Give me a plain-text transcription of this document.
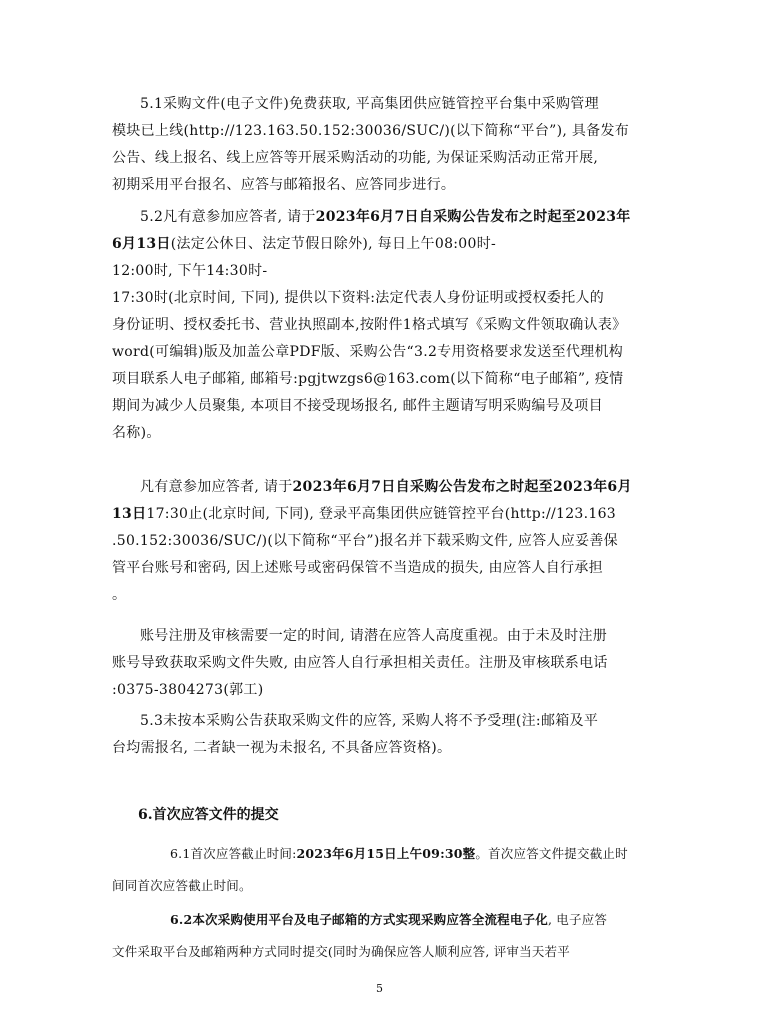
5.1采购文件(电子文件)免费获取, 平高集团供应链管控平台集中采购管理
模块已上线(http://123.163.50.152:30036/SUC/)(以下简称“平台”), 具备发布
公告、线上报名、线上应答等开展采购活动的功能, 为保证采购活动正常开展,
初期采用平台报名、应答与邮箱报名、应答同步进行。
5.2凡有意参加应答者, 请于2023年6月7日自采购公告发布之时起至2023年
6月13日(法定公休日、法定节假日除外), 每日上午08:00时-
12:00时, 下午14:30时-
17:30时(北京时间, 下同), 提供以下资料:法定代表人身份证明或授权委托人的
身份证明、授权委托书、营业执照副本,按附件1格式填写《采购文件领取确认表》
word(可编辑)版及加盖公章PDF版、采购公告“3.2专用资格要求发送至代理机构
项目联系人电子邮箱, 邮箱号:pgjtwzgs6@163.com(以下简称“电子邮箱”, 疫情
期间为减少人员聚集, 本项目不接受现场报名, 邮件主题请写明采购编号及项目
名称)。
凡有意参加应答者, 请于2023年6月7日自采购公告发布之时起至2023年6月
13日17:30止(北京时间, 下同), 登录平高集团供应链管控平台(http://123.163
.50.152:30036/SUC/)(以下简称“平台”)报名并下载采购文件, 应答人应妥善保
管平台账号和密码, 因上述账号或密码保管不当造成的损失, 由应答人自行承担
。
账号注册及审核需要一定的时间, 请潜在应答人高度重视。由于未及时注册
账号导致获取采购文件失败, 由应答人自行承担相关责任。注册及审核联系电话
:0375-3804273(郭工)
5.3未按本采购公告获取采购文件的应答, 采购人将不予受理(注:邮箱及平
台均需报名, 二者缺一视为未报名, 不具备应答资格)。

6.首次应答文件的提交

6.1首次应答截止时间:2023年6月15日上午09:30整。首次应答文件提交截止时
间同首次应答截止时间。
6.2本次采购使用平台及电子邮箱的方式实现采购应答全流程电子化, 电子应答
文件采取平台及邮箱两种方式同时提交(同时为确保应答人顺利应答, 评审当天若平
5
